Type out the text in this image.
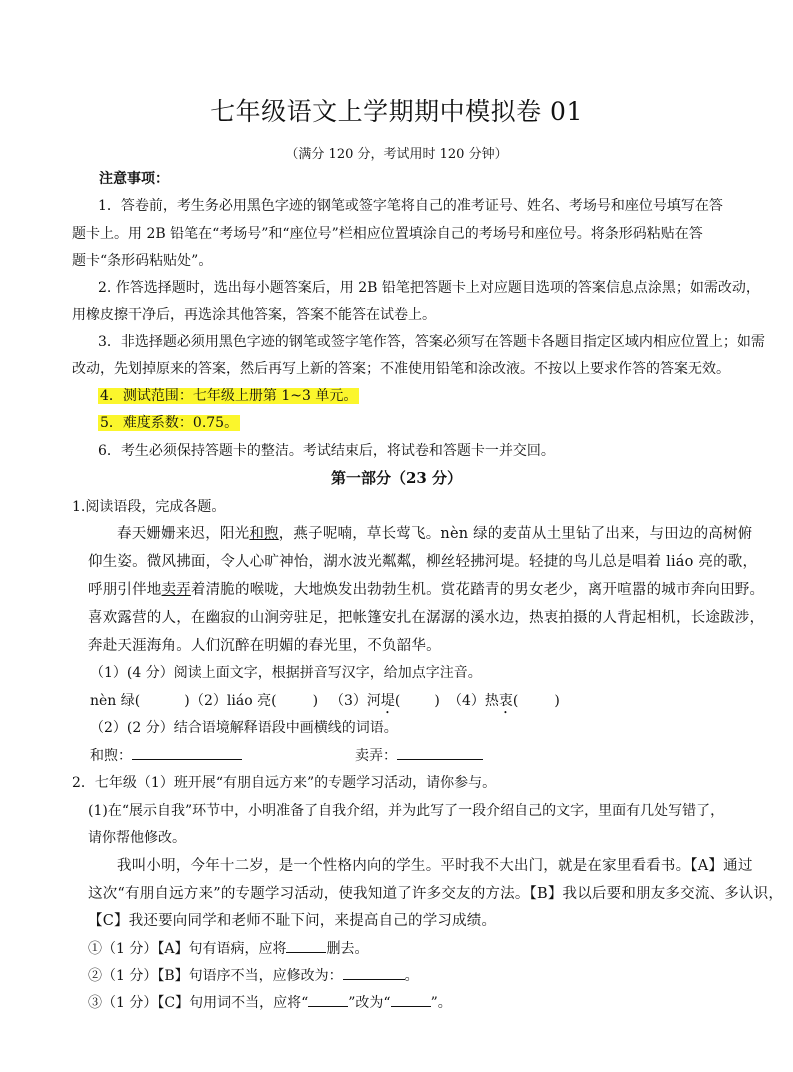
七年级语文上学期期中模拟卷 01
（满分 120 分，考试用时 120 分钟）
注意事项：
1．答卷前，考生务必用黑色字迹的钢笔或签字笔将自己的准考证号、姓名、考场号和座位号填写在答
题卡上。用 2B 铅笔在“考场号”和“座位号”栏相应位置填涂自己的考场号和座位号。将条形码粘贴在答
题卡“条形码粘贴处”。
2. 作答选择题时，选出每小题答案后，用 2B 铅笔把答题卡上对应题目选项的答案信息点涂黑；如需改动，
用橡皮擦干净后，再选涂其他答案，答案不能答在试卷上。
3．非选择题必须用黑色字迹的钢笔或签字笔作答，答案必须写在答题卡各题目指定区域内相应位置上；如需
改动，先划掉原来的答案，然后再写上新的答案；不准使用铅笔和涂改液。不按以上要求作答的答案无效。
4．测试范围：七年级上册第 1~3 单元。
5．难度系数：0.75。
6．考生必须保持答题卡的整洁。考试结束后，将试卷和答题卡一并交回。
第一部分（23 分）
1.阅读语段，完成各题。
春天姗姗来迟，阳光和煦，燕子呢喃，草长莺飞。nèn 绿的麦苗从土里钻了出来，与田边的高树俯
仰生姿。微风拂面，令人心旷神怡，湖水波光粼粼，柳丝轻拂河堤。轻捷的鸟儿总是唱着 liáo 亮的歌，
呼朋引伴地卖弄着清脆的喉咙，大地焕发出勃勃生机。赏花踏青的男女老少，离开喧嚣的城市奔向田野。
喜欢露营的人，在幽寂的山涧旁驻足，把帐篷安扎在潺潺的溪水边，热衷拍摄的人背起相机，长途跋涉，
奔赴天涯海角。人们沉醉在明媚的春光里，不负韶华。
（1）(4 分）阅读上面文字，根据拼音写汉字，给加点字注音。
nèn 绿(	) （2）liáo 亮(	) （3）河堤( ) （4）热衷(	)
（2）(2 分）结合语境解释语段中画横线的词语。
和煦：	卖弄：
2．七年级（1）班开展“有朋自远方来”的专题学习活动，请你参与。
(1)在“展示自我”环节中，小明准备了自我介绍，并为此写了一段介绍自己的文字，里面有几处写错了，
请你帮他修改。
我叫小明，今年十二岁，是一个性格内向的学生。平时我不大出门，就是在家里看看书。【A】通过
这次“有朋自远方来”的专题学习活动，使我知道了许多交友的方法。【B】我以后要和朋友多交流、多认识，
【C】我还要向同学和老师不耻下问，来提高自己的学习成绩。
①（1 分）【A】句有语病，应将	删去。
②（1 分）【B】句语序不当，应修改为：	。
③（1 分）【C】句用词不当，应将“	”改为“	”。
